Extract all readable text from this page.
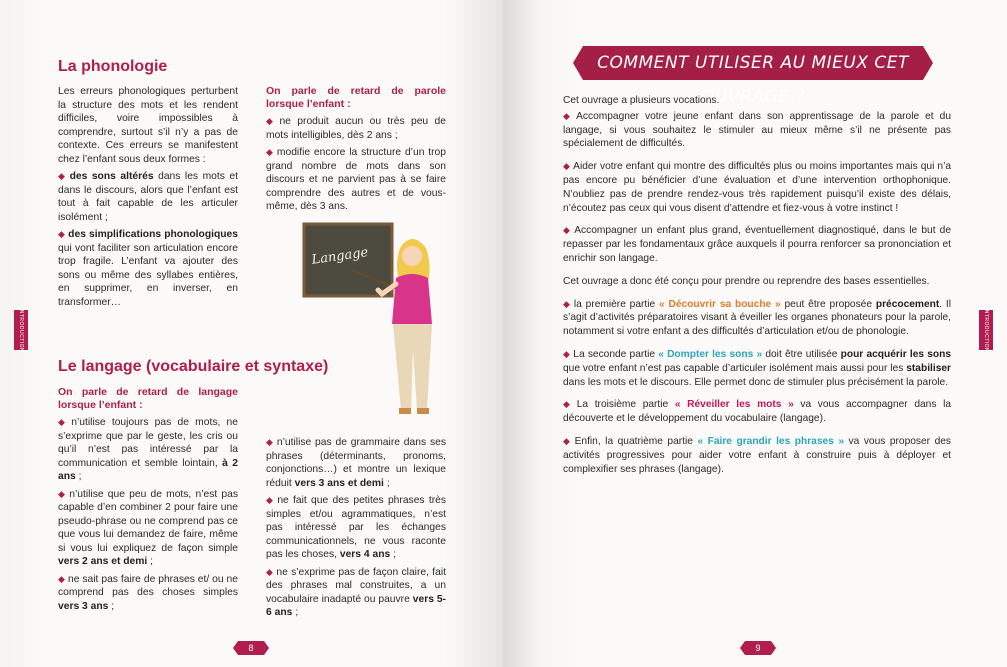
La phonologie

Les erreurs phonologiques perturbent la structure des mots et les rendent difficiles, voire impossibles à comprendre, surtout s’il n’y a pas de contexte. Ces erreurs se manifestent chez l’enfant sous deux formes :

◆ des sons altérés dans les mots et dans le discours, alors que l’enfant est tout à fait capable de les articuler isolément ;

◆ des simplifications phonologiques qui vont faciliter son articulation encore trop fragile. L’enfant va ajouter des sons ou même des syllabes entières, en supprimer, en inverser, en transformer…

On parle de retard de parole lorsque l’enfant :

◆ ne produit aucun ou très peu de mots intelligibles, dès 2 ans ;

◆ modifie encore la structure d’un trop grand nombre de mots dans son discours et ne parvient pas à se faire comprendre des autres et de vous-même, dès 3 ans.

Langage
Le langage (vocabulaire et syntaxe)

On parle de retard de langage lorsque l’enfant :

◆ n’utilise toujours pas de mots, ne s’exprime que par le geste, les cris ou qu’il n’est pas intéressé par la communication et semble lointain, à 2 ans ;

◆ n’utilise que peu de mots, n’est pas capable d’en combiner 2 pour faire une pseudo-phrase ou ne comprend pas ce que vous lui demandez de faire, même si vous lui expliquez de façon simple vers 2 ans et demi ;

◆ ne sait pas faire de phrases et/ ou ne comprend pas des choses simples vers 3 ans ;

◆ n’utilise pas de grammaire dans ses phrases (déterminants, pronoms, conjonctions…) et montre un lexique réduit vers 3 ans et demi ;

◆ ne fait que des petites phrases très simples et/ou agrammatiques, n’est pas intéressé par les échanges communicationnels, ne vous raconte pas les choses, vers 4 ans ;

◆ ne s’exprime pas de façon claire, fait des phrases mal construites, a un vocabulaire inadapté ou pauvre vers 5-6 ans ;

INTRODUCTION
8
COMMENT UTILISER AU MIEUX CET OUVRAGE ?

Cet ouvrage a plusieurs vocations.

◆ Accompagner votre jeune enfant dans son apprentissage de la parole et du langage, si vous souhaitez le stimuler au mieux même s’il ne présente pas spécialement de difficultés.

◆ Aider votre enfant qui montre des difficultés plus ou moins importantes mais qui n’a pas encore pu bénéficier d’une évaluation et d’une intervention orthophonique. N’oubliez pas de prendre rendez-vous très rapidement puisqu’il existe des délais, n’écoutez pas ceux qui vous disent d’attendre et fiez-vous à votre instinct !

◆ Accompagner un enfant plus grand, éventuellement diagnostiqué, dans le but de repasser par les fondamentaux grâce auxquels il pourra renforcer sa prononciation et enrichir son langage.

Cet ouvrage a donc été conçu pour prendre ou reprendre des bases essentielles.

◆ la première partie « Découvrir sa bouche » peut être proposée précocement. Il s’agit d’activités préparatoires visant à éveiller les organes phonateurs pour la parole, notamment si votre enfant a des difficultés d’articulation et/ou de phonologie.

◆ La seconde partie « Dompter les sons » doit être utilisée pour acquérir les sons que votre enfant n’est pas capable d’articuler isolément mais aussi pour les stabiliser dans les mots et le discours. Elle permet donc de stimuler plus précisément la parole.

◆ La troisième partie « Réveiller les mots » va vous accompagner dans la découverte et le développement du vocabulaire (langage).

◆ Enfin, la quatrième partie « Faire grandir les phrases » va vous proposer des activités progressives pour aider votre enfant à construire puis à déployer et complexifier ses phrases (langage).

INTRODUCTION
9
